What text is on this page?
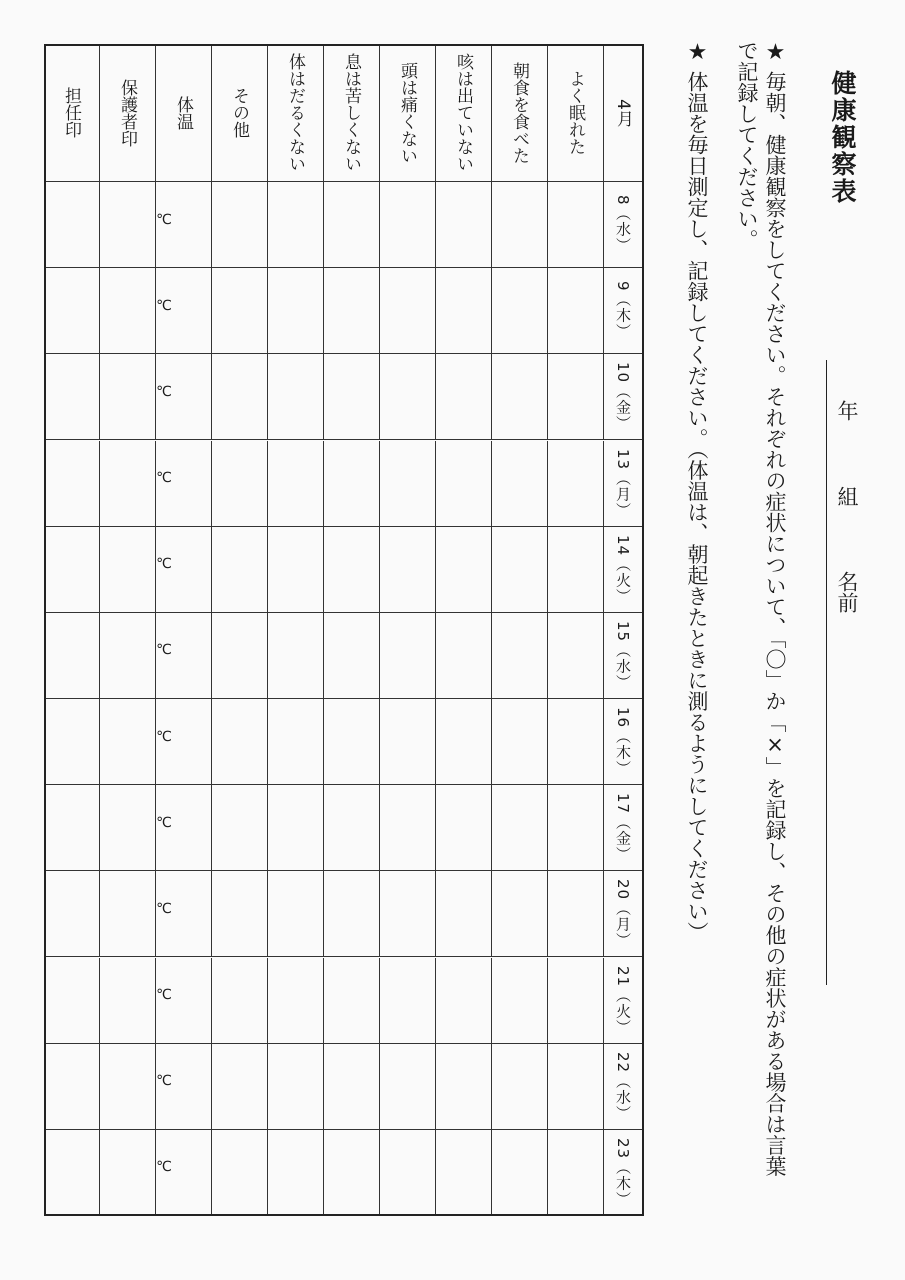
健康観察表
★毎朝、健康観察をしてください。それぞれの症状について、「〇」か「×」を記録し、その他の症状がある場合は言葉
で記録してください。
★体温を毎日測定し、記録してください。（体温は、朝起きたときに測るようにしてください）	年 組 名前
4月
よく眠れた
朝食を食べた
咳は出ていない
頭は痛くない
息は苦しくない
体はだるくない
その他
体温
保護者印
担任印
8（水）
℃
9（木）
℃
10（金）
℃
13（月）
℃
14（火）
℃
15（水）
℃
16（木）
℃
17（金）
℃
20（月）
℃
21（火）
℃
22（水）
℃
23（木）
℃
